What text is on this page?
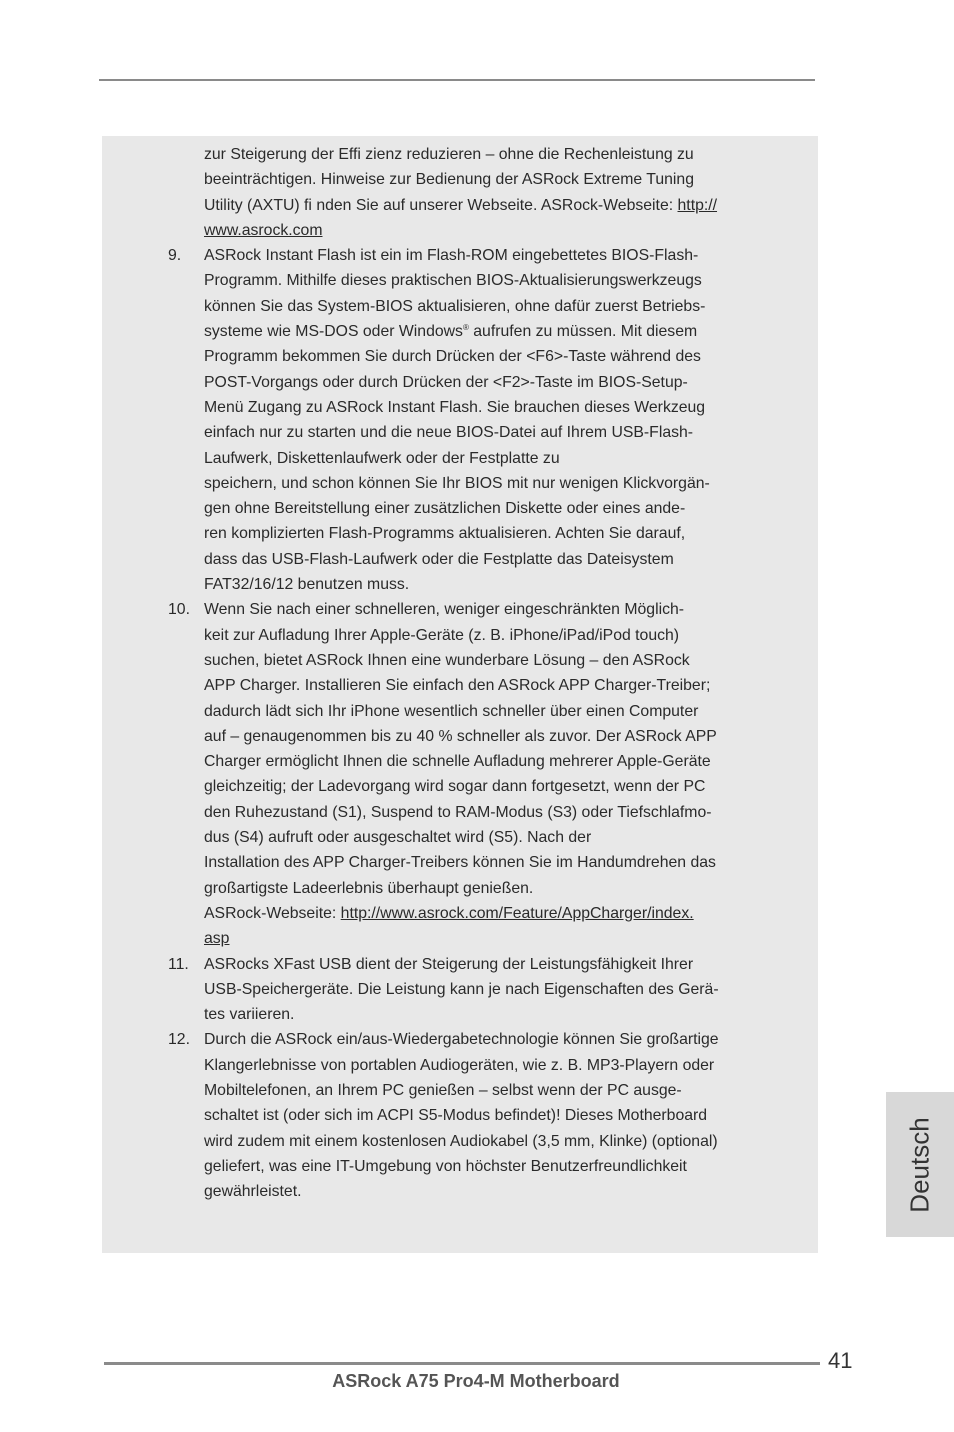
zur Steigerung der Effi zienz reduzieren – ohne die Rechenleistung zu
beeinträchtigen. Hinweise zur Bedienung der ASRock Extreme Tuning
Utility (AXTU) fi nden Sie auf unserer Webseite. ASRock-Webseite: http://
www.asrock.com
9.	ASRock Instant Flash ist ein im Flash-ROM eingebettetes BIOS-Flash-
Programm. Mithilfe dieses praktischen BIOS-Aktualisierungswerkzeugs
können Sie das System-BIOS aktualisieren, ohne dafür zuerst Betriebs-
systeme wie MS-DOS oder Windows® aufrufen zu müssen. Mit diesem
Programm bekommen Sie durch Drücken der <F6>-Taste während des
POST-Vorgangs oder durch Drücken der <F2>-Taste im BIOS-Setup-
Menü Zugang zu ASRock Instant Flash. Sie brauchen dieses Werkzeug
einfach nur zu starten und die neue BIOS-Datei auf Ihrem USB-Flash-
Laufwerk, Diskettenlaufwerk oder der Festplatte zu
speichern, und schon können Sie Ihr BIOS mit nur wenigen Klickvorgän-
gen ohne Bereitstellung einer zusätzlichen Diskette oder eines ande-
ren komplizierten Flash-Programms aktualisieren. Achten Sie darauf,
dass das USB-Flash-Laufwerk oder die Festplatte das Dateisystem
FAT32/16/12 benutzen muss.
10. Wenn Sie nach einer schnelleren, weniger eingeschränkten Möglich-
keit zur Aufladung Ihrer Apple-Geräte (z. B. iPhone/iPad/iPod touch)
suchen, bietet ASRock Ihnen eine wunderbare Lösung – den ASRock
APP Charger. Installieren Sie einfach den ASRock APP Charger-Treiber;
dadurch lädt sich Ihr iPhone wesentlich schneller über einen Computer
auf – genaugenommen bis zu 40 % schneller als zuvor. Der ASRock APP
Charger ermöglicht Ihnen die schnelle Aufladung mehrerer Apple-Geräte
gleichzeitig; der Ladevorgang wird sogar dann fortgesetzt, wenn der PC
den Ruhezustand (S1), Suspend to RAM-Modus (S3) oder Tiefschlafmo-
dus (S4) aufruft oder ausgeschaltet wird (S5). Nach der
Installation des APP Charger-Treibers können Sie im Handumdrehen das
großartigste Ladeerlebnis überhaupt genießen.
ASRock-Webseite: http://www.asrock.com/Feature/AppCharger/index.
asp
11. ASRocks XFast USB dient der Steigerung der Leistungsfähigkeit Ihrer
USB-Speichergeräte. Die Leistung kann je nach Eigenschaften des Gerä-
tes variieren.
12. Durch die ASRock ein/aus-Wiedergabetechnologie können Sie großartige
Klangerlebnisse von portablen Audiogeräten, wie z. B. MP3-Playern oder
Mobiltelefonen, an Ihrem PC genießen – selbst wenn der PC ausge-
schaltet ist (oder sich im ACPI S5-Modus befindet)! Dieses Motherboard
wird zudem mit einem kostenlosen Audiokabel (3,5 mm, Klinke) (optional)
geliefert, was eine IT-Umgebung von höchster Benutzerfreundlichkeit
gewährleistet.	Deutsch
41
ASRock A75 Pro4-M Motherboard
